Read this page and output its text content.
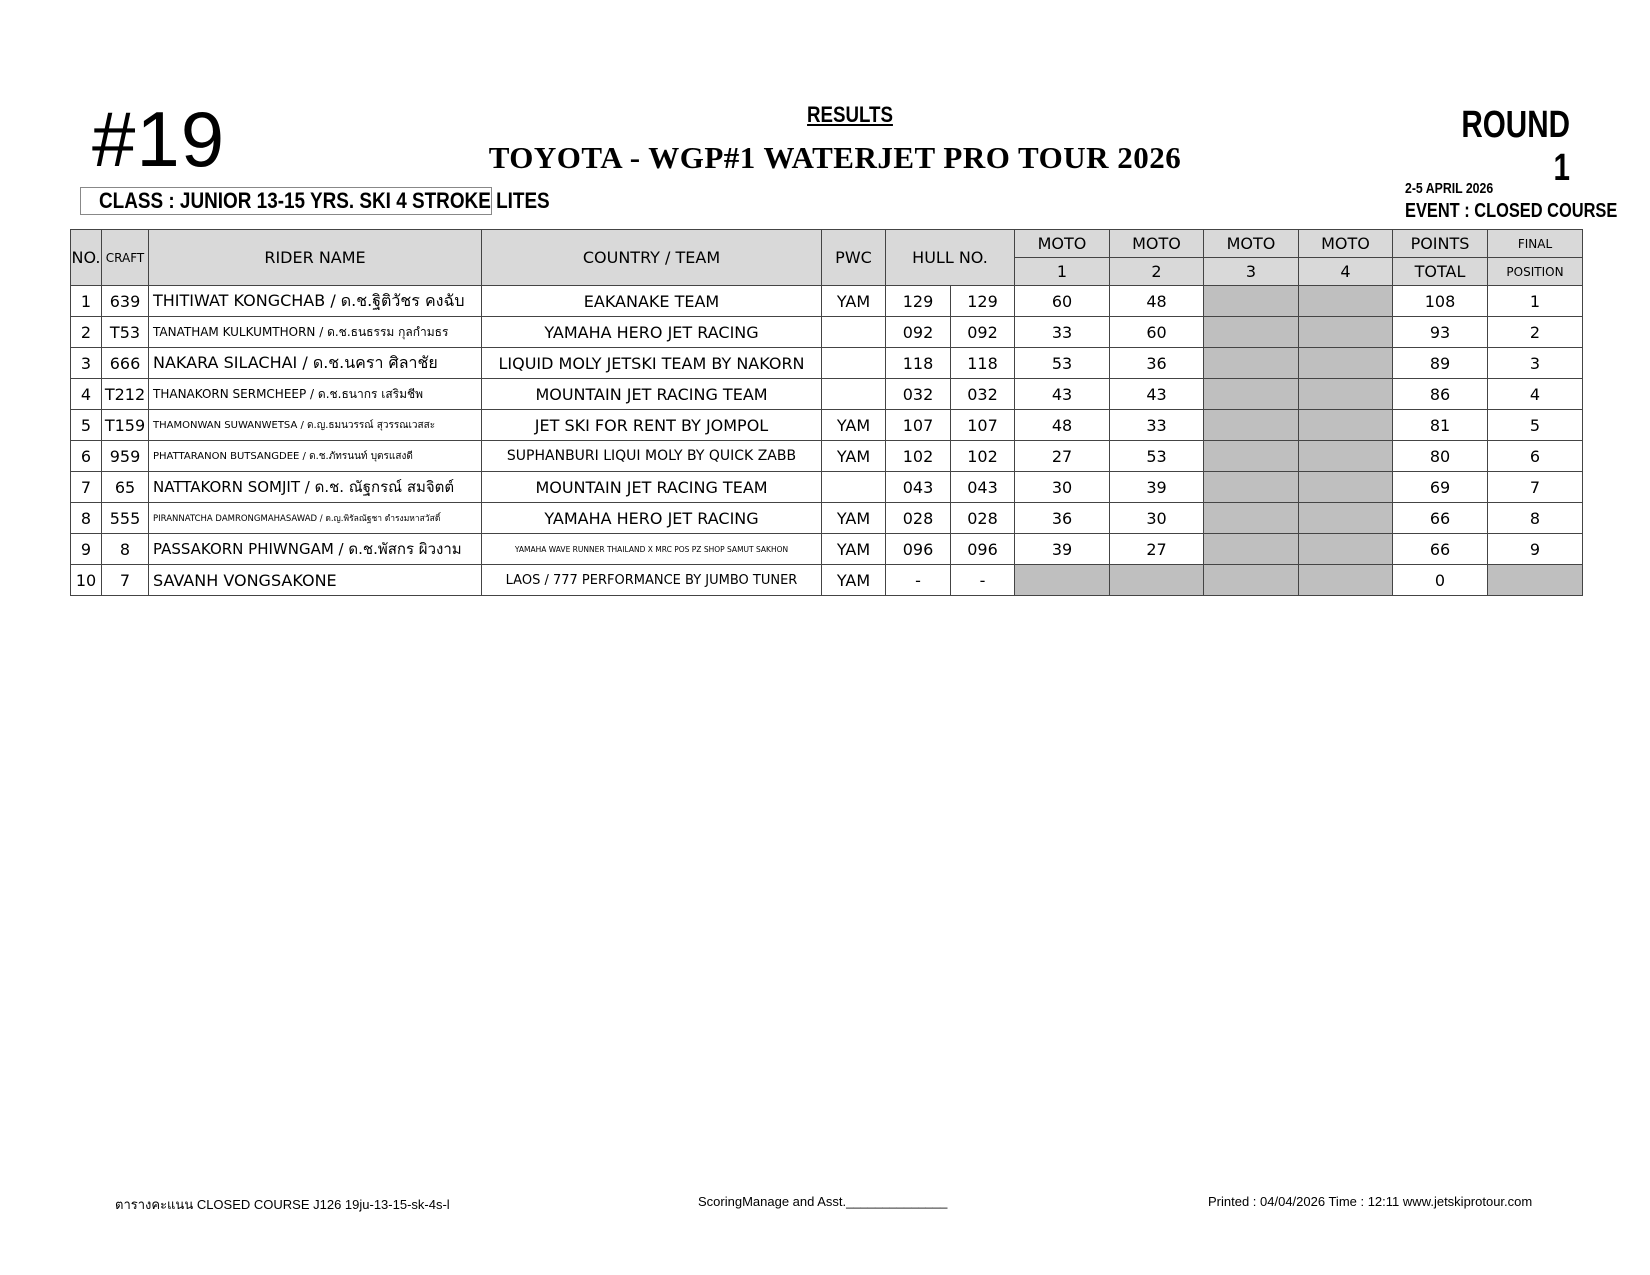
#19	RESULTS
TOYOTA - WGP#1 WATERJET PRO TOUR 2026
ROUND 1
CLASS : JUNIOR 13-15 YRS. SKI 4 STROKE LITES	2-5 APRIL 2026
EVENT : CLOSED COURSE
NO.	CRAFT	RIDER NAME	COUNTRY / TEAM	PWC	HULL NO.		MOTO	MOTO	MOTO	MOTO	POINTS	FINAL
							1	2	3	4	TOTAL	POSITION
1	639	THITIWAT KONGCHAB / ด.ช.ฐิติวัชร คงฉับ	EAKANAKE TEAM	YAM	129	129	60	48			108	1
2	T53	TANATHAM KULKUMTHORN / ด.ช.ธนธรรม กุลกำมธร	YAMAHA HERO JET RACING		092	092	33	60			93	2
3	666	NAKARA SILACHAI / ด.ช.นครา ศิลาชัย	LIQUID MOLY JETSKI TEAM BY NAKORN		118	118	53	36			89	3
4	T212	THANAKORN SERMCHEEP / ด.ช.ธนากร เสริมชีพ	MOUNTAIN JET RACING TEAM		032	032	43	43			86	4
5	T159	THAMONWAN SUWANWETSA / ด.ญ.ธมนวรรณ์ สุวรรณเวสสะ	JET SKI FOR RENT BY JOMPOL	YAM	107	107	48	33			81	5
6	959	PHATTARANON BUTSANGDEE / ด.ช.ภัทรนนท์ บุตรแสงดี	SUPHANBURI LIQUI MOLY BY QUICK ZABB	YAM	102	102	27	53			80	6
7	65	NATTAKORN SOMJIT / ด.ช. ณัฐกรณ์ สมจิตต์	MOUNTAIN JET RACING TEAM		043	043	30	39			69	7
8	555	PIRANNATCHA DAMRONGMAHASAWAD / ด.ญ.พิรัลณัฐชา ดำรงมหาสวัสดิ์	YAMAHA HERO JET RACING	YAM	028	028	36	30			66	8
9	8	PASSAKORN PHIWNGAM / ด.ช.พัสกร ผิวงาม	YAMAHA WAVE RUNNER THAILAND X MRC POS PZ SHOP SAMUT SAKHON	YAM	096	096	39	27			66	9
10	7	SAVANH VONGSAKONE	LAOS / 777 PERFORMANCE BY JUMBO TUNER	YAM	-	-					0	
ตารางคะแนน CLOSED COURSE J126 19ju-13-15-sk-4s-l	ScoringManage and Asst.______________	Printed : 04/04/2026 Time : 12:11 www.jetskiprotour.com
